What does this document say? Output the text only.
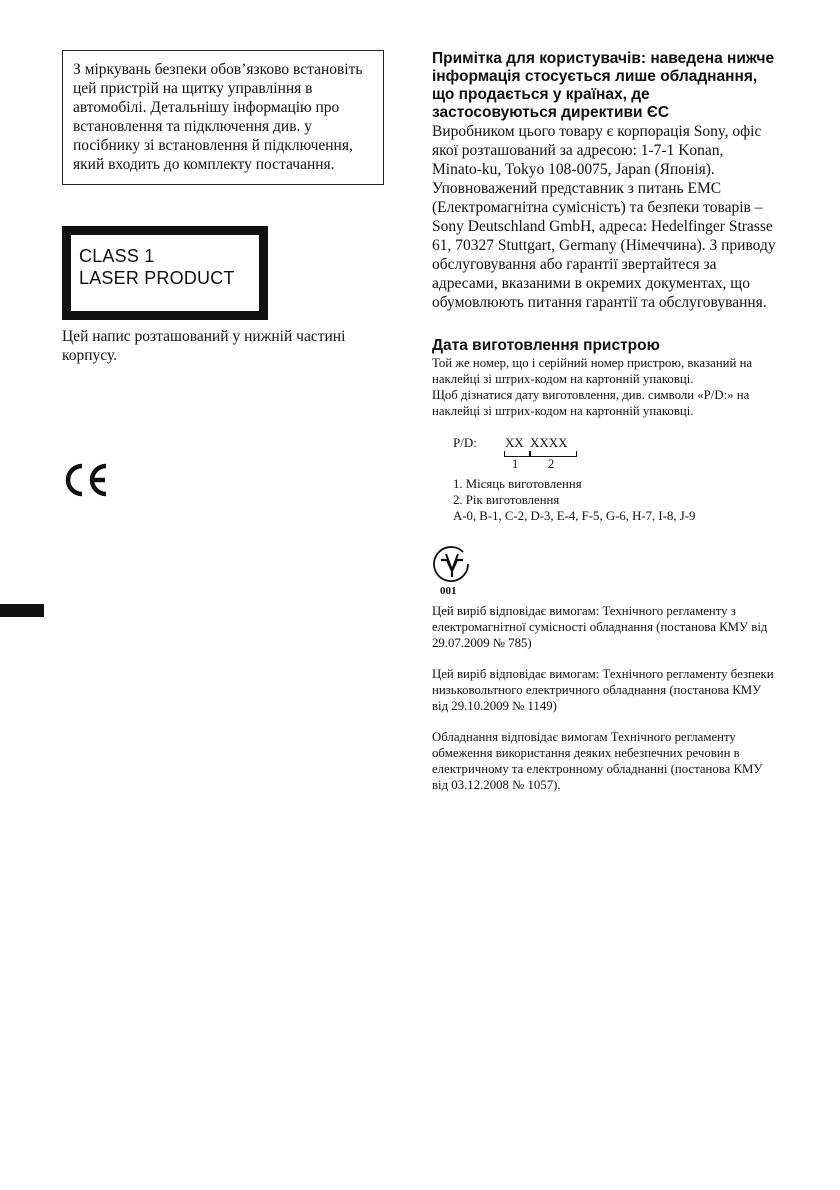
З міркувань безпеки обов’язково встановіть цей пристрій на щитку управління в автомобілі. Детальнішу інформацію про встановлення та підключення див. у посібнику зі встановлення й підключення, який входить до комплекту постачання.
CLASS 1
LASER PRODUCT
Цей напис розташований у нижній частині корпусу.

Примітка для користувачів: наведена нижче інформація стосується лише обладнання, що продається у країнах, де застосовуються директиви ЄС

Виробником цього товару є корпорація Sony, офіс якої розташований за адресою: 1-7-1 Konan, Minato-ku, Tokyo 108-0075, Japan (Японія). Уповноважений представник з питань EMC (Електромагнітна сумісність) та безпеки товарів – Sony Deutschland GmbH, адреса: Hedelfinger Strasse 61, 70327 Stuttgart, Germany (Німеччина). З приводу обслуговування або гарантії звертайтеся за адресами, вказаними в окремих документах, що обумовлюють питання гарантії та обслуговування.

Дата виготовлення пристрою

Той же номер, що і серійний номер пристрою, вказаний на наклейці зі штрих-кодом на картонній упаковці.

Щоб дізнатися дату виготовлення, див. символи «P/D:» на наклейці зі штрих-кодом на картонній упаковці.

P/D: XX XXXX
1 2
1. Місяць виготовлення
2. Рік виготовлення
A-0, B-1, C-2, D-3, E-4, F-5, G-6, H-7, I-8, J-9
001

Цей виріб відповідає вимогам: Технічного регламенту з електромагнітної сумісності обладнання (постанова КМУ від 29.07.2009 № 785)

Цей виріб відповідає вимогам: Технічного регламенту безпеки низьковольтного електричного обладнання (постанова КМУ від 29.10.2009 № 1149)

Обладнання відповідає вимогам Технічного регламенту обмеження використання деяких небезпечних речовин в електричному та електронному обладнанні (постанова КМУ від 03.12.2008 № 1057).
